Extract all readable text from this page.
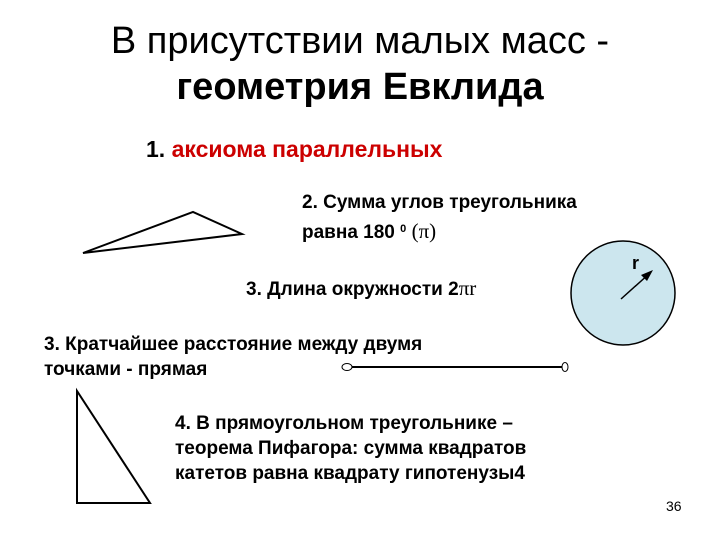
В присутствии малых масс -
геометрия Евклида
1. аксиома параллельных
2. Сумма углов треугольника
равна 180 $^0$ (π)
3. Длина окружности 2πr
3. Кратчайшее расстояние между двумя
точками - прямая
4. В прямоугольном треугольнике –
теорема Пифагора: сумма квадратов
катетов равна квадрату гипотенузы4
36
r
